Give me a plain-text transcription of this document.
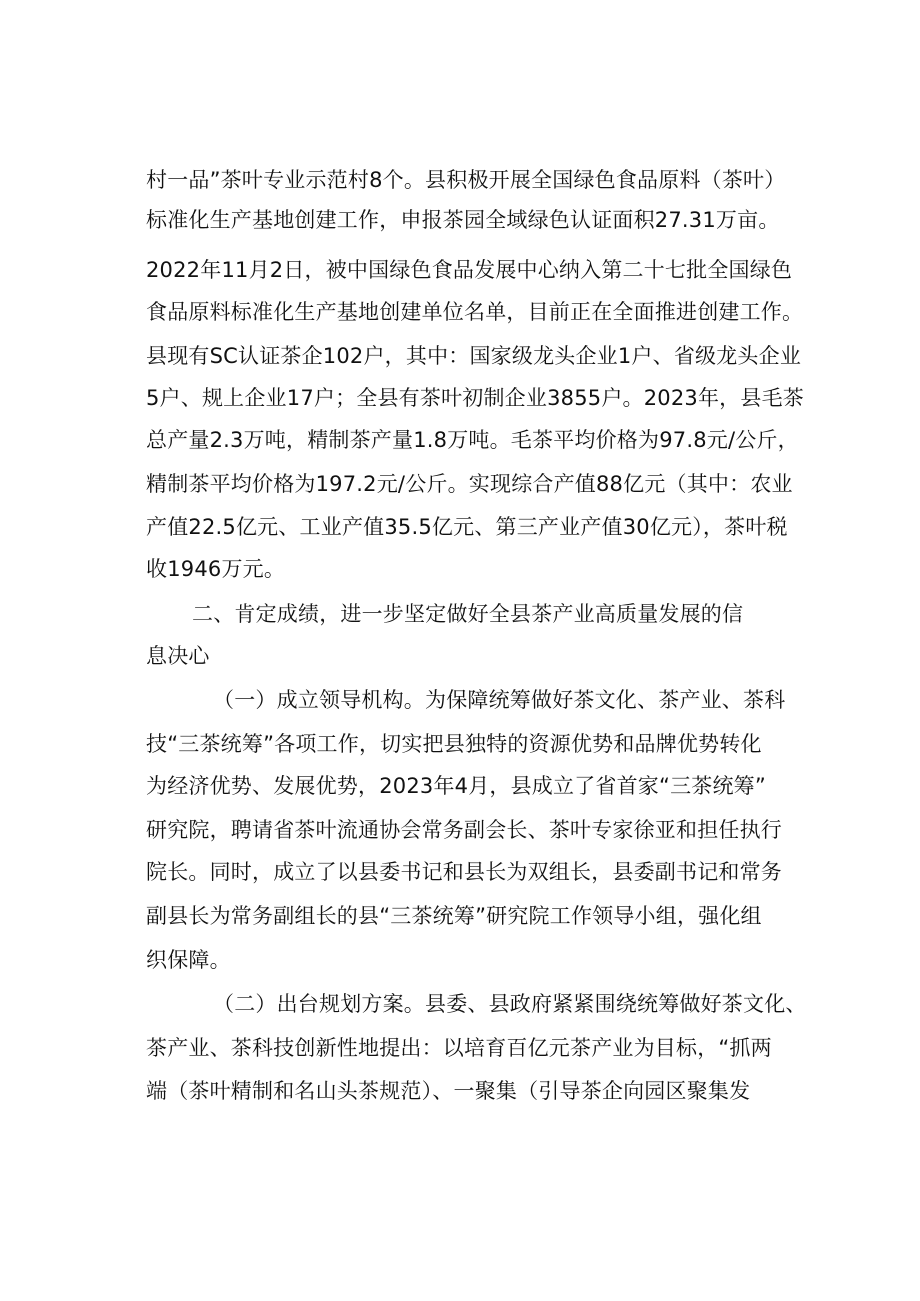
村一品”茶叶专业示范村8个。县积极开展全国绿色食品原料（茶叶）
标准化生产基地创建工作，申报茶园全域绿色认证面积27.31万亩。
2022年11月2日，被中国绿色食品发展中心纳入第二十七批全国绿色
食品原料标准化生产基地创建单位名单，目前正在全面推进创建工作。
县现有SC认证茶企102户，其中：国家级龙头企业1户、省级龙头企业
5户、规上企业17户；全县有茶叶初制企业3855户。2023年，县毛茶
总产量2.3万吨，精制茶产量1.8万吨。毛茶平均价格为97.8元/公斤，
精制茶平均价格为197.2元/公斤。实现综合产值88亿元（其中：农业
产值22.5亿元、工业产值35.5亿元、第三产业产值30亿元），茶叶税
收1946万元。
二、肯定成绩，进一步坚定做好全县茶产业高质量发展的信
息决心
（一）成立领导机构。为保障统筹做好茶文化、茶产业、茶科
技“三茶统筹”各项工作，切实把县独特的资源优势和品牌优势转化
为经济优势、发展优势，2023年4月，县成立了省首家“三茶统筹”
研究院，聘请省茶叶流通协会常务副会长、茶叶专家徐亚和担任执行
院长。同时，成立了以县委书记和县长为双组长，县委副书记和常务
副县长为常务副组长的县“三茶统筹”研究院工作领导小组，强化组
织保障。
（二）出台规划方案。县委、县政府紧紧围绕统筹做好茶文化、
茶产业、茶科技创新性地提出：以培育百亿元茶产业为目标，“抓两
端（茶叶精制和名山头茶规范）、一聚集（引导茶企向园区聚集发
